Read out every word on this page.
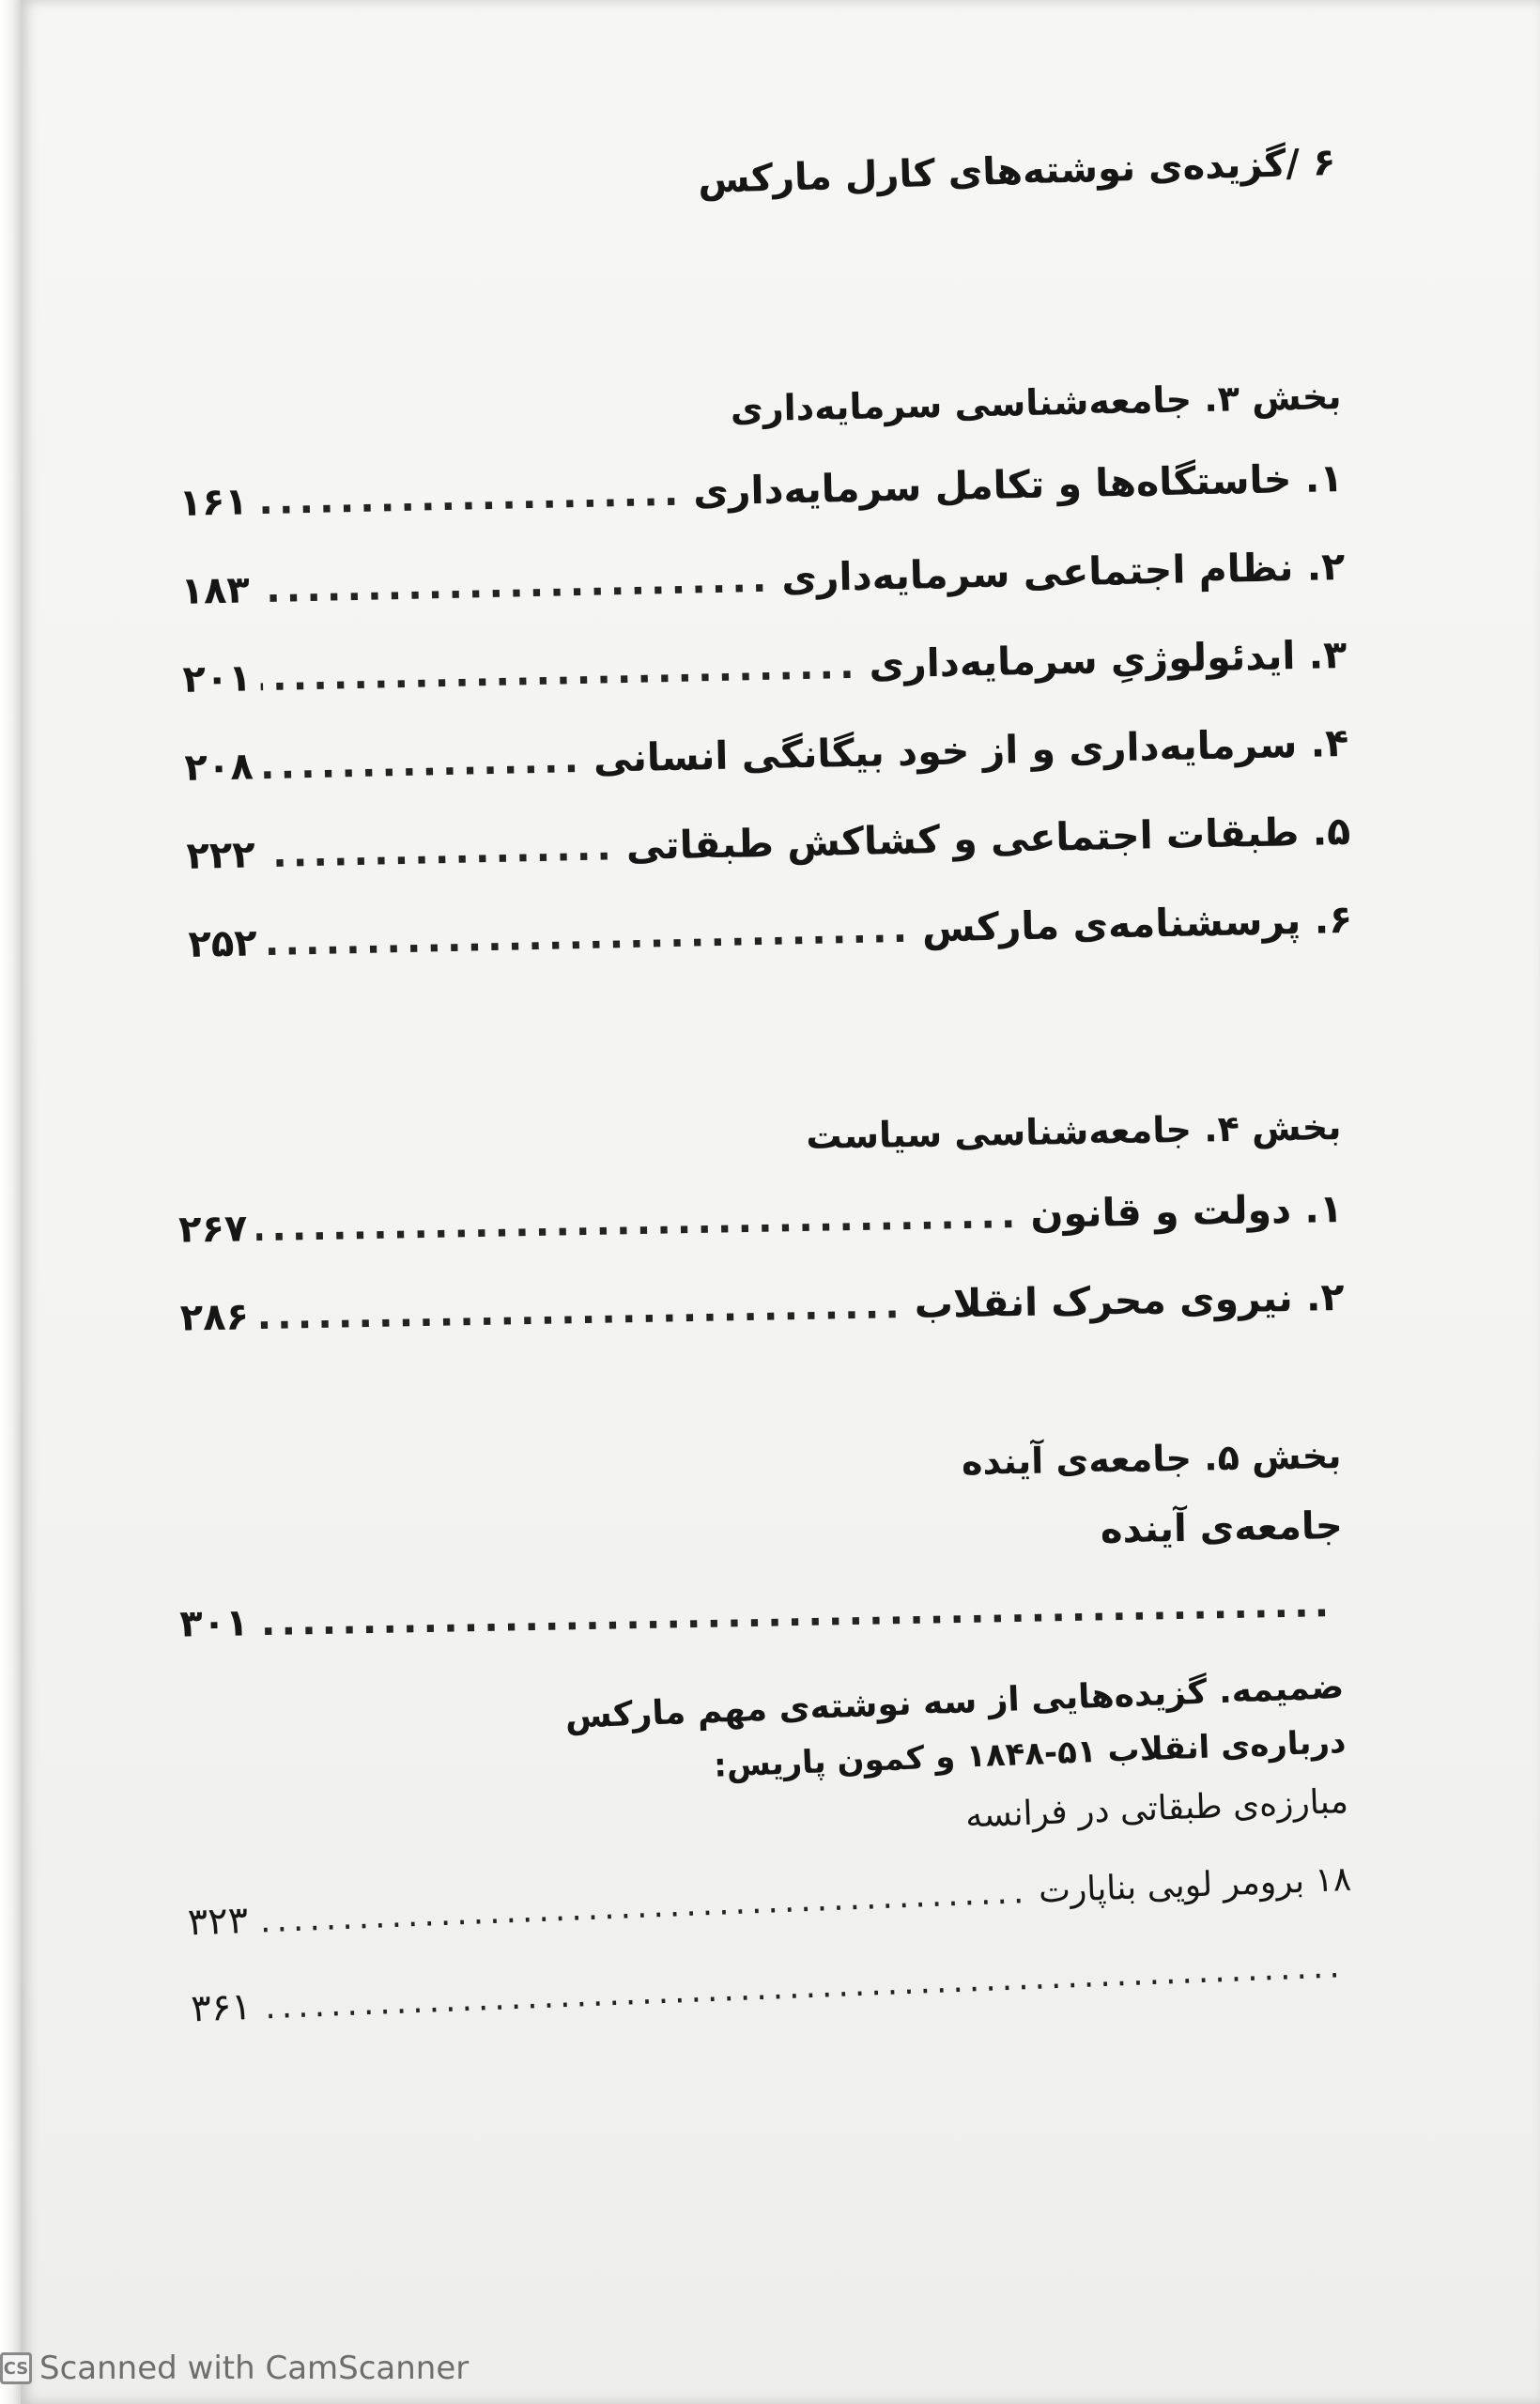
۶ /گزیده‌ی نوشته‌های کارل مارکس
بخش ۳. جامعه‌شناسی سرمایه‌داری
۱. خاستگاه‌ها و تکامل سرمایه‌داری
.....
۱۶۱
۲. نظام اجتماعی سرمایه‌داری
.....
۱۸۳
۳. ایدئولوژیِ سرمایه‌داری
.....
۲۰۱
۴. سرمایه‌داری و از خود بیگانگی انسانی
.....
۲۰۸
۵. طبقات اجتماعی و کشاکش طبقاتی
.....
۲۲۲
۶. پرسشنامه‌ی مارکس
.....
۲۵۲
بخش ۴. جامعه‌شناسی سیاست
۱. دولت و قانون
.....
۲۶۷
۲. نیروی محرک انقلاب
.....
۲۸۶
بخش ۵. جامعه‌ی آینده
جامعه‌ی آینده
.....
۳۰۱
ضمیمه. گزیده‌هایی از سه نوشته‌ی مهم مارکس
درباره‌ی انقلاب ۵۱-۱۸۴۸ و کمون پاریس:
مبارزه‌ی طبقاتی در فرانسه
۱۸ برومر لویی بناپارت
.....
۳۲۳
.....
۳۶۱
CS Scanned with CamScanner
